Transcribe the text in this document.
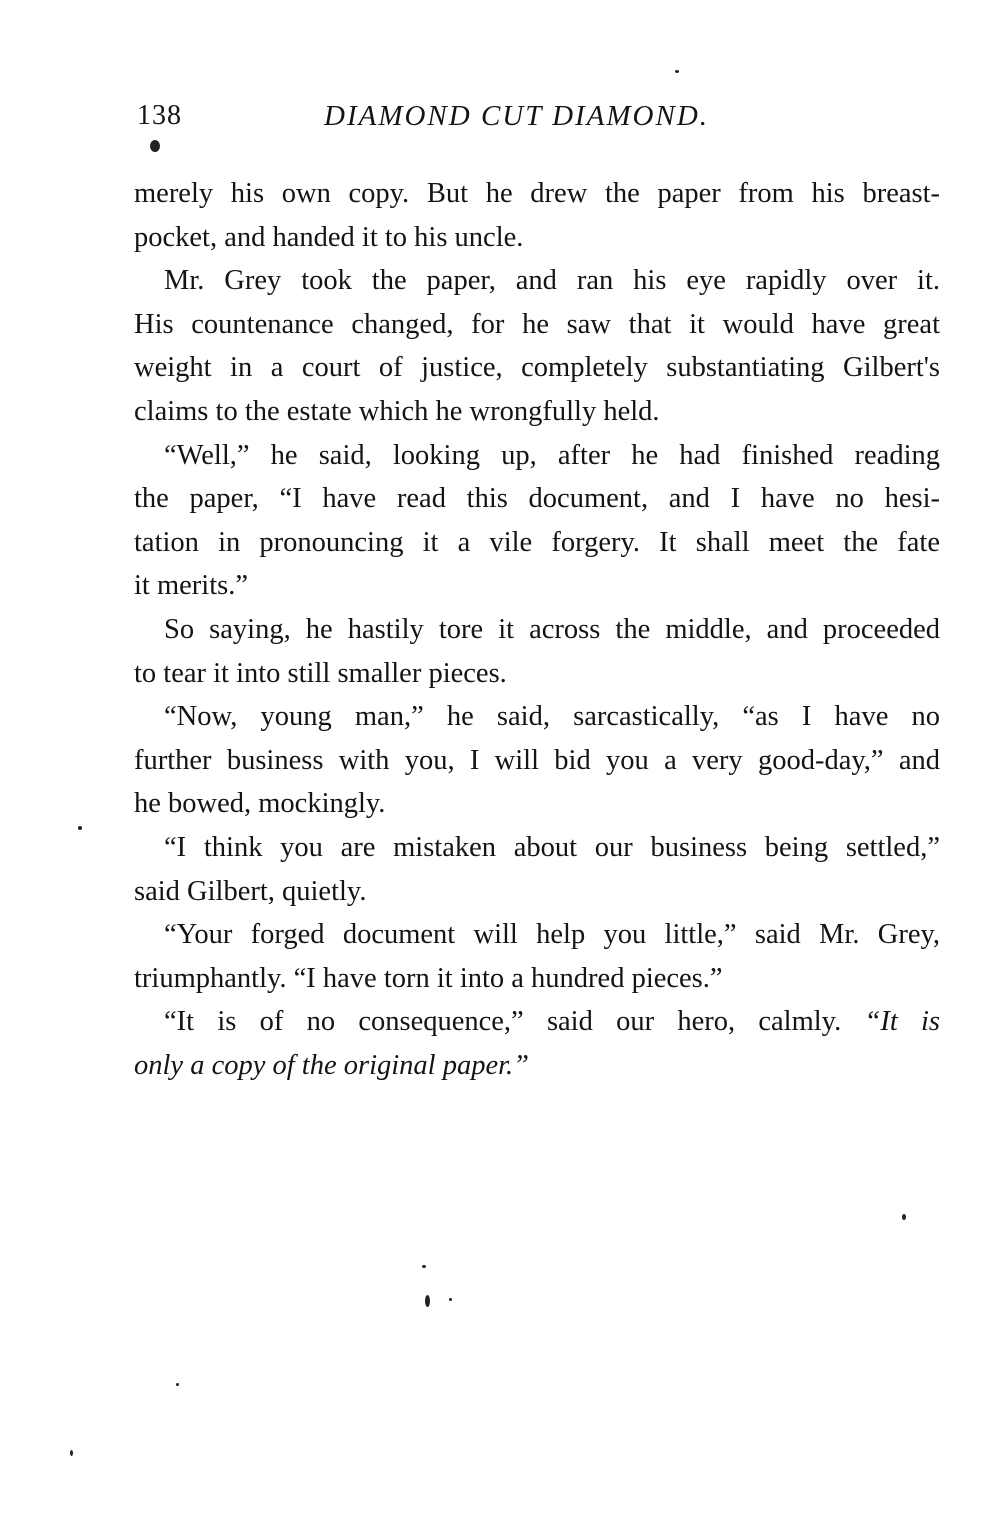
138	DIAMOND CUT DIAMOND.
merely his own copy. But he drew the paper from his breast-
pocket, and handed it to his uncle.
Mr. Grey took the paper, and ran his eye rapidly over it.
His countenance changed, for he saw that it would have great
weight in a court of justice, completely substantiating Gilbert's
claims to the estate which he wrongfully held.
“Well,” he said, looking up, after he had finished reading
the paper, “I have read this document, and I have no hesi-
tation in pronouncing it a vile forgery. It shall meet the fate
it merits.”
So saying, he hastily tore it across the middle, and proceeded
to tear it into still smaller pieces.
“Now, young man,” he said, sarcastically, “as I have no
further business with you, I will bid you a very good-day,” and
he bowed, mockingly.
“I think you are mistaken about our business being settled,”
said Gilbert, quietly.
“Your forged document will help you little,” said Mr. Grey,
triumphantly. “I have torn it into a hundred pieces.”
“It is of no consequence,” said our hero, calmly. “It is
only a copy of the original paper.”
